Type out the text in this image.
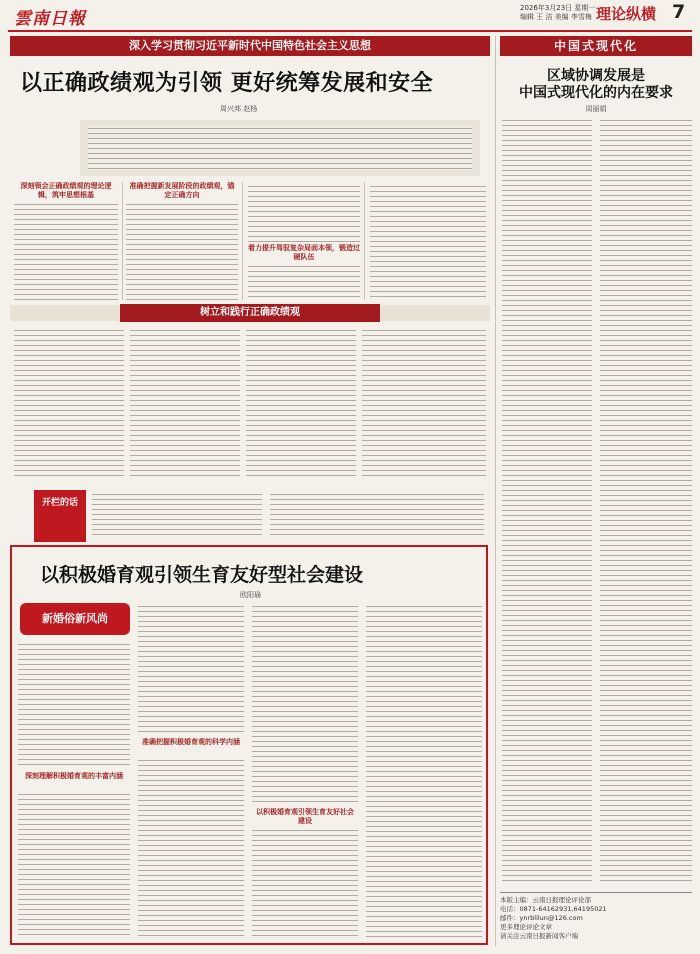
雲南日報
2026年3月23日 星期一
编辑 王 洁 美编 李雪梅 理论纵横 7
深入学习贯彻习近平新时代中国特色社会主义思想	中国式现代化
以正确政绩观为引领 更好统筹发展和安全
周兴邦 赵杨
深刻领会正确政绩观的理论逻辑，筑牢思想根基
准确把握新发展阶段的政绩观，锚定正确方向
着力提升驾驭复杂局面本领，锻造过硬队伍
树立和践行正确政绩观
开栏的话
以积极婚育观引领生育友好型社会建设
欧阳瑜
新婚俗新风尚
深刻理解积极婚育观的丰富内涵
准确把握积极婚育观的科学内涵
以积极婚育观引领生育友好社会建设
区域协调发展是
中国式现代化的内在要求
周丽娟
本版主编：云南日报理论评论部
电话：0871-64162931,64195021
邮件：ynrblilun@126.com
更多理论评论文章
请关注云南日报新闻客户端
